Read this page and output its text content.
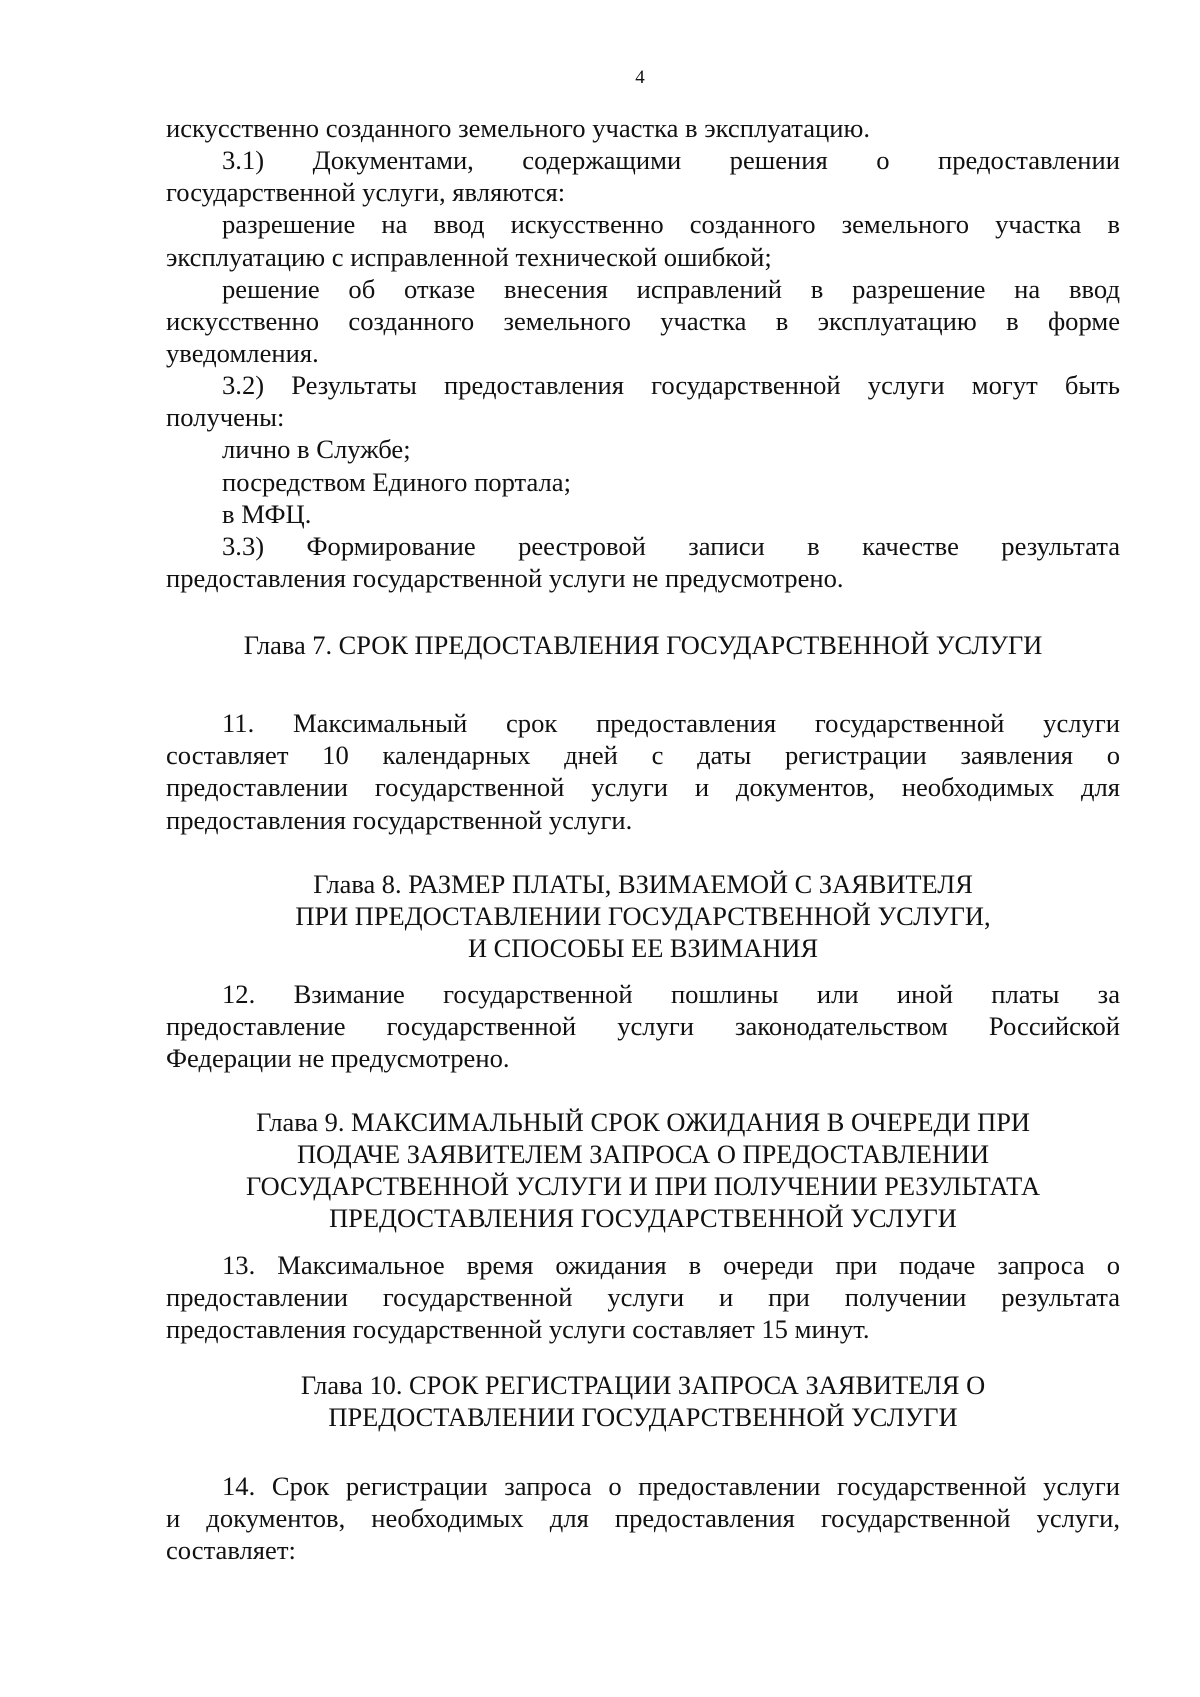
4

искусственно созданного земельного участка в эксплуатацию.

3.1) Документами, содержащими решения о предоставлении

государственной услуги, являются:

разрешение на ввод искусственно созданного земельного участка в

эксплуатацию с исправленной технической ошибкой;

решение об отказе внесения исправлений в разрешение на ввод

искусственно созданного земельного участка в эксплуатацию в форме

уведомления.

3.2) Результаты предоставления государственной услуги могут быть

получены:

лично в Службе;

посредством Единого портала;

в МФЦ.

3.3) Формирование реестровой записи в качестве результата

предоставления государственной услуги не предусмотрено.

Глава 7. СРОК ПРЕДОСТАВЛЕНИЯ ГОСУДАРСТВЕННОЙ УСЛУГИ

11. Максимальный срок предоставления государственной услуги

составляет 10 календарных дней с даты регистрации заявления о

предоставлении государственной услуги и документов, необходимых для

предоставления государственной услуги.

Глава 8. РАЗМЕР ПЛАТЫ, ВЗИМАЕМОЙ С ЗАЯВИТЕЛЯ
ПРИ ПРЕДОСТАВЛЕНИИ ГОСУДАРСТВЕННОЙ УСЛУГИ,
И СПОСОБЫ ЕЕ ВЗИМАНИЯ

12. Взимание государственной пошлины или иной платы за

предоставление государственной услуги законодательством Российской

Федерации не предусмотрено.

Глава 9. МАКСИМАЛЬНЫЙ СРОК ОЖИДАНИЯ В ОЧЕРЕДИ ПРИ
ПОДАЧЕ ЗАЯВИТЕЛЕМ ЗАПРОСА О ПРЕДОСТАВЛЕНИИ
ГОСУДАРСТВЕННОЙ УСЛУГИ И ПРИ ПОЛУЧЕНИИ РЕЗУЛЬТАТА
ПРЕДОСТАВЛЕНИЯ ГОСУДАРСТВЕННОЙ УСЛУГИ

13. Максимальное время ожидания в очереди при подаче запроса о

предоставлении государственной услуги и при получении результата

предоставления государственной услуги составляет 15 минут.

Глава 10. СРОК РЕГИСТРАЦИИ ЗАПРОСА ЗАЯВИТЕЛЯ О
ПРЕДОСТАВЛЕНИИ ГОСУДАРСТВЕННОЙ УСЛУГИ

14. Срок регистрации запроса о предоставлении государственной услуги

и документов, необходимых для предоставления государственной услуги,

составляет:
